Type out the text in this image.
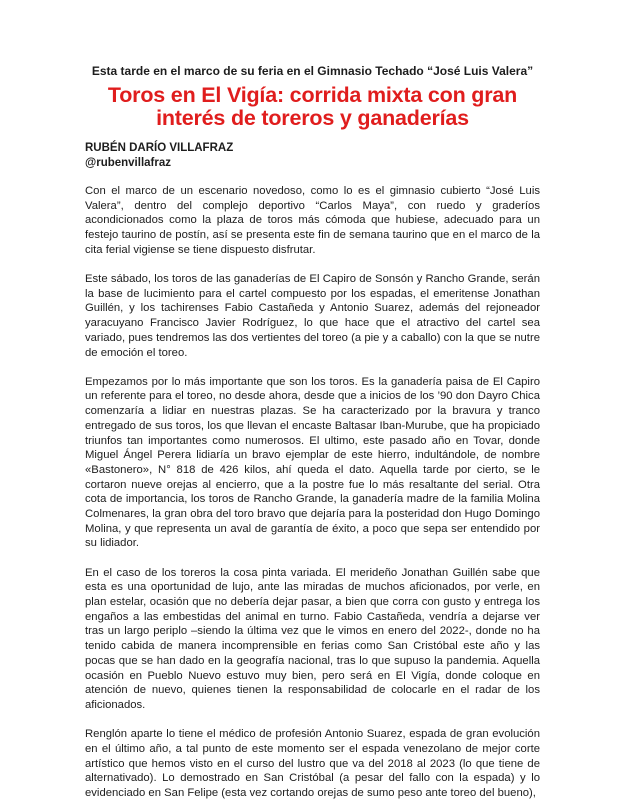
Esta tarde en el marco de su feria en el Gimnasio Techado “José Luis Valera”
Toros en El Vigía: corrida mixta con gran
interés de toreros y ganaderías
RUBÉN DARÍO VILLAFRAZ
@rubenvillafraz

Con el marco de un escenario novedoso, como lo es el gimnasio cubierto “José Luis Valera”, dentro del complejo deportivo “Carlos Maya”, con ruedo y graderíos acondicionados como la plaza de toros más cómoda que hubiese, adecuado para un festejo taurino de postín, así se presenta este fin de semana taurino que en el marco de la cita ferial vigiense se tiene dispuesto disfrutar.

Este sábado, los toros de las ganaderías de El Capiro de Sonsón y Rancho Grande, serán la base de lucimiento para el cartel compuesto por los espadas, el emeritense Jonathan Guillén, y los tachirenses Fabio Castañeda y Antonio Suarez, además del rejoneador yaracuyano Francisco Javier Rodríguez, lo que hace que el atractivo del cartel sea variado, pues tendremos las dos vertientes del toreo (a pie y a caballo) con la que se nutre de emoción el toreo.

Empezamos por lo más importante que son los toros. Es la ganadería paisa de El Capiro un referente para el toreo, no desde ahora, desde que a inicios de los ’90 don Dayro Chica comenzaría a lidiar en nuestras plazas. Se ha caracterizado por la bravura y tranco entregado de sus toros, los que llevan el encaste Baltasar Iban-Murube, que ha propiciado triunfos tan importantes como numerosos. El ultimo, este pasado año en Tovar, donde Miguel Ángel Perera lidiaría un bravo ejemplar de este hierro, indultándole, de nombre «Bastonero», N° 818 de 426 kilos, ahí queda el dato. Aquella tarde por cierto, se le cortaron nueve orejas al encierro, que a la postre fue lo más resaltante del serial. Otra cota de importancia, los toros de Rancho Grande, la ganadería madre de la familia Molina Colmenares, la gran obra del toro bravo que dejaría para la posteridad don Hugo Domingo Molina, y que representa un aval de garantía de éxito, a poco que sepa ser entendido por su lidiador.

En el caso de los toreros la cosa pinta variada. El merideño Jonathan Guillén sabe que esta es una oportunidad de lujo, ante las miradas de muchos aficionados, por verle, en plan estelar, ocasión que no debería dejar pasar, a bien que corra con gusto y entrega los engaños a las embestidas del animal en turno. Fabio Castañeda, vendría a dejarse ver tras un largo periplo –siendo la última vez que le vimos en enero del 2022-, donde no ha tenido cabida de manera incomprensible en ferias como San Cristóbal este año y las pocas que se han dado en la geografía nacional, tras lo que supuso la pandemia. Aquella ocasión en Pueblo Nuevo estuvo muy bien, pero será en El Vigía, donde coloque en atención de nuevo, quienes tienen la responsabilidad de colocarle en el radar de los aficionados.

Renglón aparte lo tiene el médico de profesión Antonio Suarez, espada de gran evolución en el último año, a tal punto de este momento ser el espada venezolano de mejor corte artístico que hemos visto en el curso del lustro que va del 2018 al 2023 (lo que tiene de alternativado). Lo demostrado en San Cristóbal (a pesar del fallo con la espada) y lo evidenciado en San Felipe (esta vez cortando orejas de sumo peso ante toreo del bueno),
